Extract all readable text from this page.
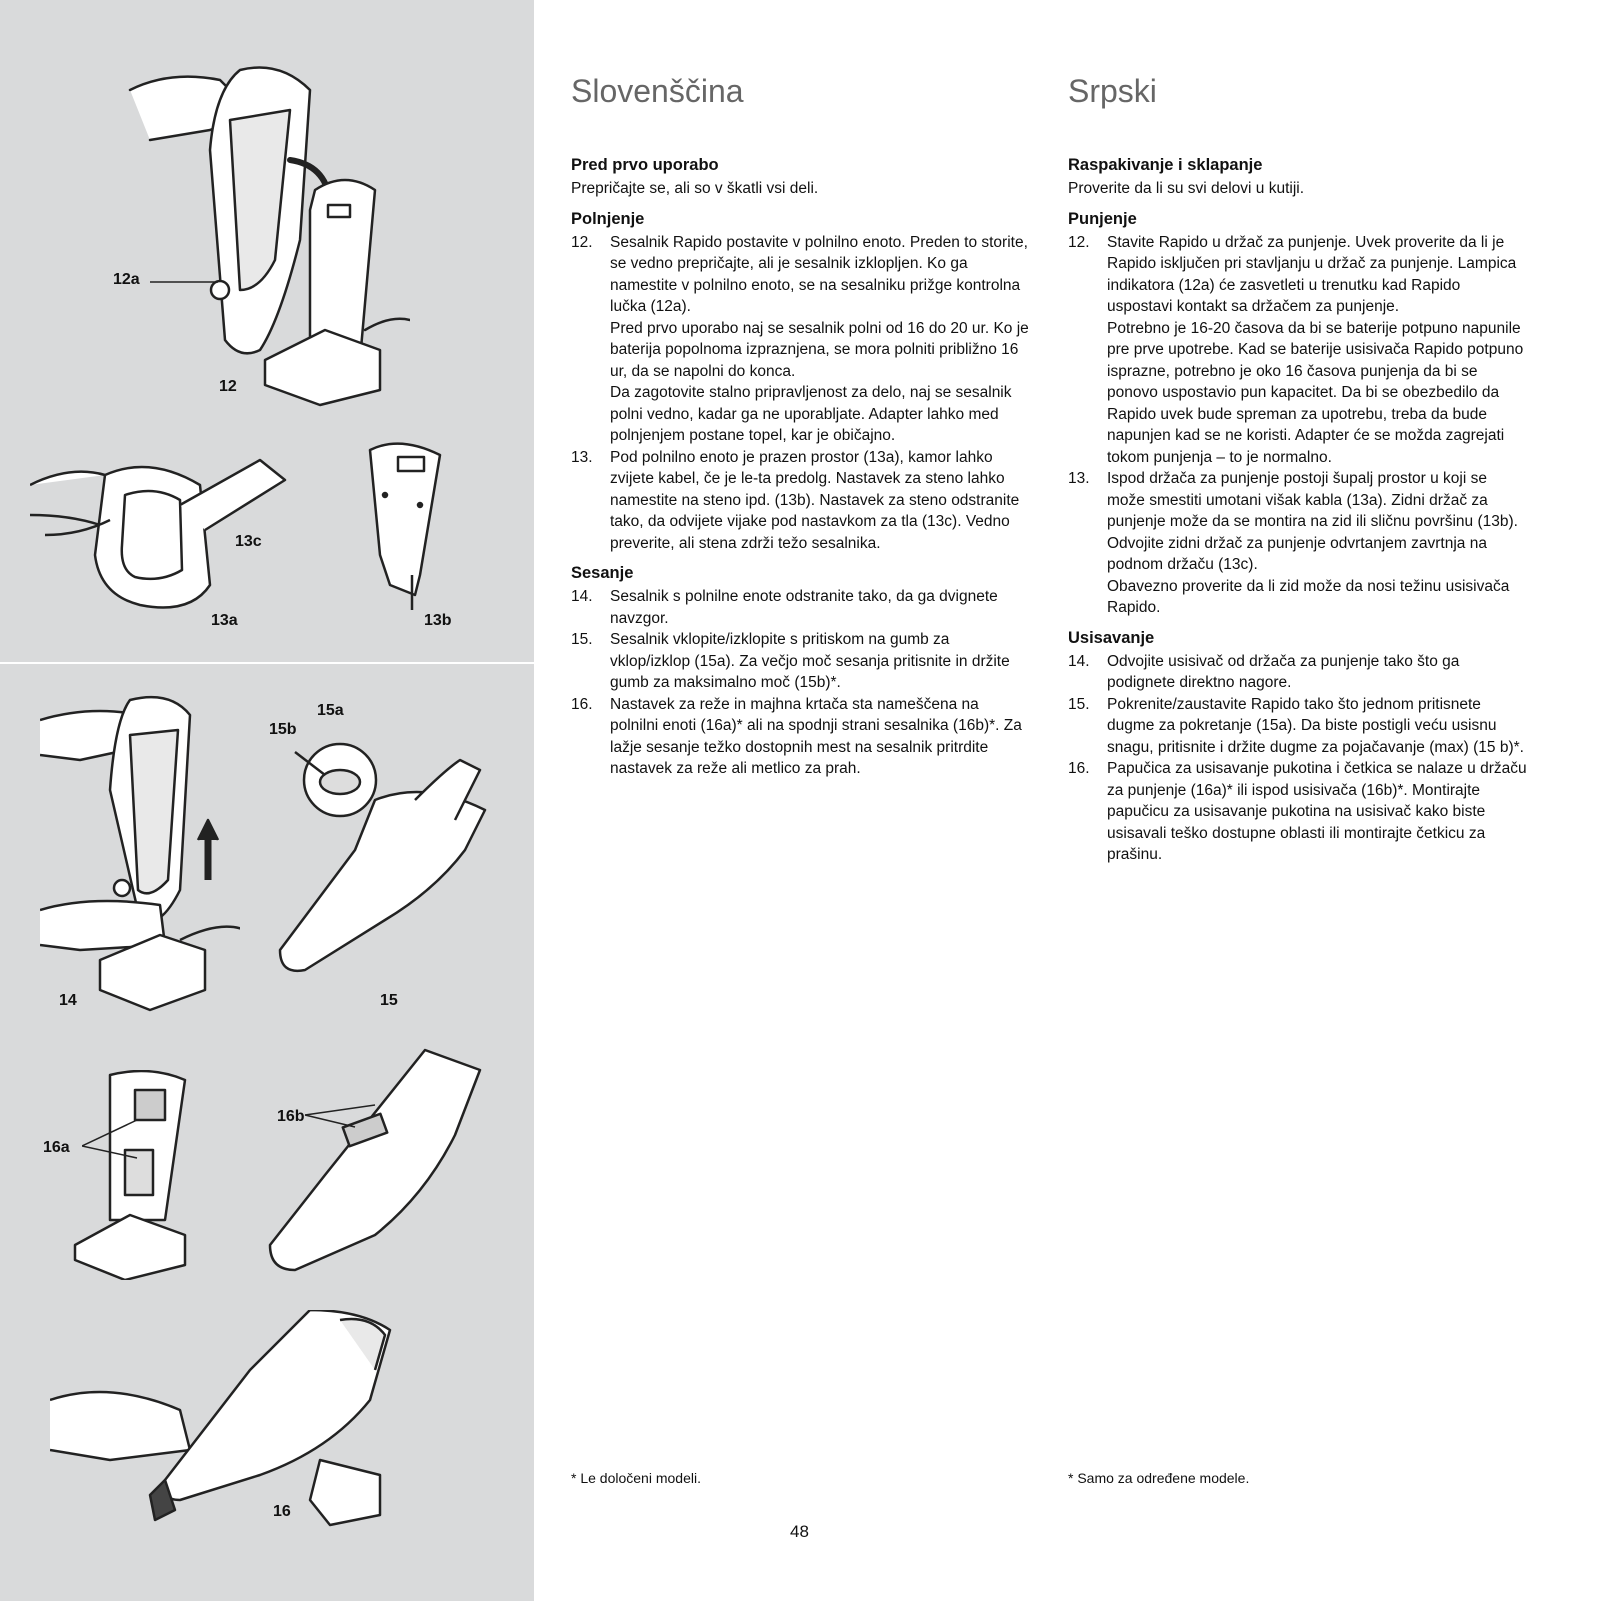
12a
12
13c
13a	13b
15a
15b
14	15
16a
16b
16
Slovenščina
Pred prvo uporabo

Prepričajte se, ali so v škatli vsi deli.

Polnjenje
12. Sesalnik Rapido postavite v polnilno enoto. Preden to storite, se vedno prepričajte, ali je sesalnik izklopljen. Ko ga namestite v polnilno enoto, se na sesalniku prižge kontrolna lučka (12a).
Pred prvo uporabo naj se sesalnik polni od 16 do 20 ur. Ko je baterija popolnoma izpraznjena, se mora polniti približno 16 ur, da se napolni do konca.
Da zagotovite stalno pripravljenost za delo, naj se sesalnik polni vedno, kadar ga ne uporabljate. Adapter lahko med polnjenjem postane topel, kar je običajno.
13. Pod polnilno enoto je prazen prostor (13a), kamor lahko zvijete kabel, če je le-ta predolg. Nastavek za steno lahko namestite na steno ipd. (13b). Nastavek za steno odstranite tako, da odvijete vijake pod nastavkom za tla (13c). Vedno preverite, ali stena zdrži težo sesalnika.
Sesanje
14. Sesalnik s polnilne enote odstranite tako, da ga dvignete navzgor.
15. Sesalnik vklopite/izklopite s pritiskom na gumb za vklop/izklop (15a). Za večjo moč sesanja pritisnite in držite gumb za maksimalno moč (15b)*.
16. Nastavek za reže in majhna krtača sta nameščena na polnilni enoti (16a)* ali na spodnji strani sesalnika (16b)*. Za lažje sesanje težko dostopnih mest na sesalnik pritrdite nastavek za reže ali metlico za prah.
Srpski
Raspakivanje i sklapanje

Proverite da li su svi delovi u kutiji.

Punjenje
12. Stavite Rapido u držač za punjenje. Uvek proverite da li je Rapido isključen pri stavljanju u držač za punjenje. Lampica indikatora (12a) će zasvetleti u trenutku kad Rapido uspostavi kontakt sa držačem za punjenje.
Potrebno je 16-20 časova da bi se baterije potpuno napunile pre prve upotrebe. Kad se baterije usisivača Rapido potpuno isprazne, potrebno je oko 16 časova punjenja da bi se ponovo uspostavio pun kapacitet. Da bi se obezbedilo da Rapido uvek bude spreman za upotrebu, treba da bude napunjen kad se ne koristi. Adapter će se možda zagrejati tokom punjenja – to je normalno.
13. Ispod držača za punjenje postoji šupalj prostor u koji se može smestiti umotani višak kabla (13a). Zidni držač za punjenje može da se montira na zid ili sličnu površinu (13b). Odvojite zidni držač za punjenje odvrtanjem zavrtnja na podnom držaču (13c).
Obavezno proverite da li zid može da nosi težinu usisivača Rapido.
Usisavanje
14. Odvojite usisivač od držača za punjenje tako što ga podignete direktno nagore.
15. Pokrenite/zaustavite Rapido tako što jednom pritisnete dugme za pokretanje (15a). Da biste postigli veću usisnu snagu, pritisnite i držite dugme za pojačavanje (max) (15 b)*.
16. Papučica za usisavanje pukotina i četkica se nalaze u držaču za punjenje (16a)* ili ispod usisivača (16b)*. Montirajte papučicu za usisavanje pukotina na usisivač kako biste usisavali teško dostupne oblasti ili montirajte četkicu za prašinu.
* Le določeni modeli.	* Samo za određene modele.
48
